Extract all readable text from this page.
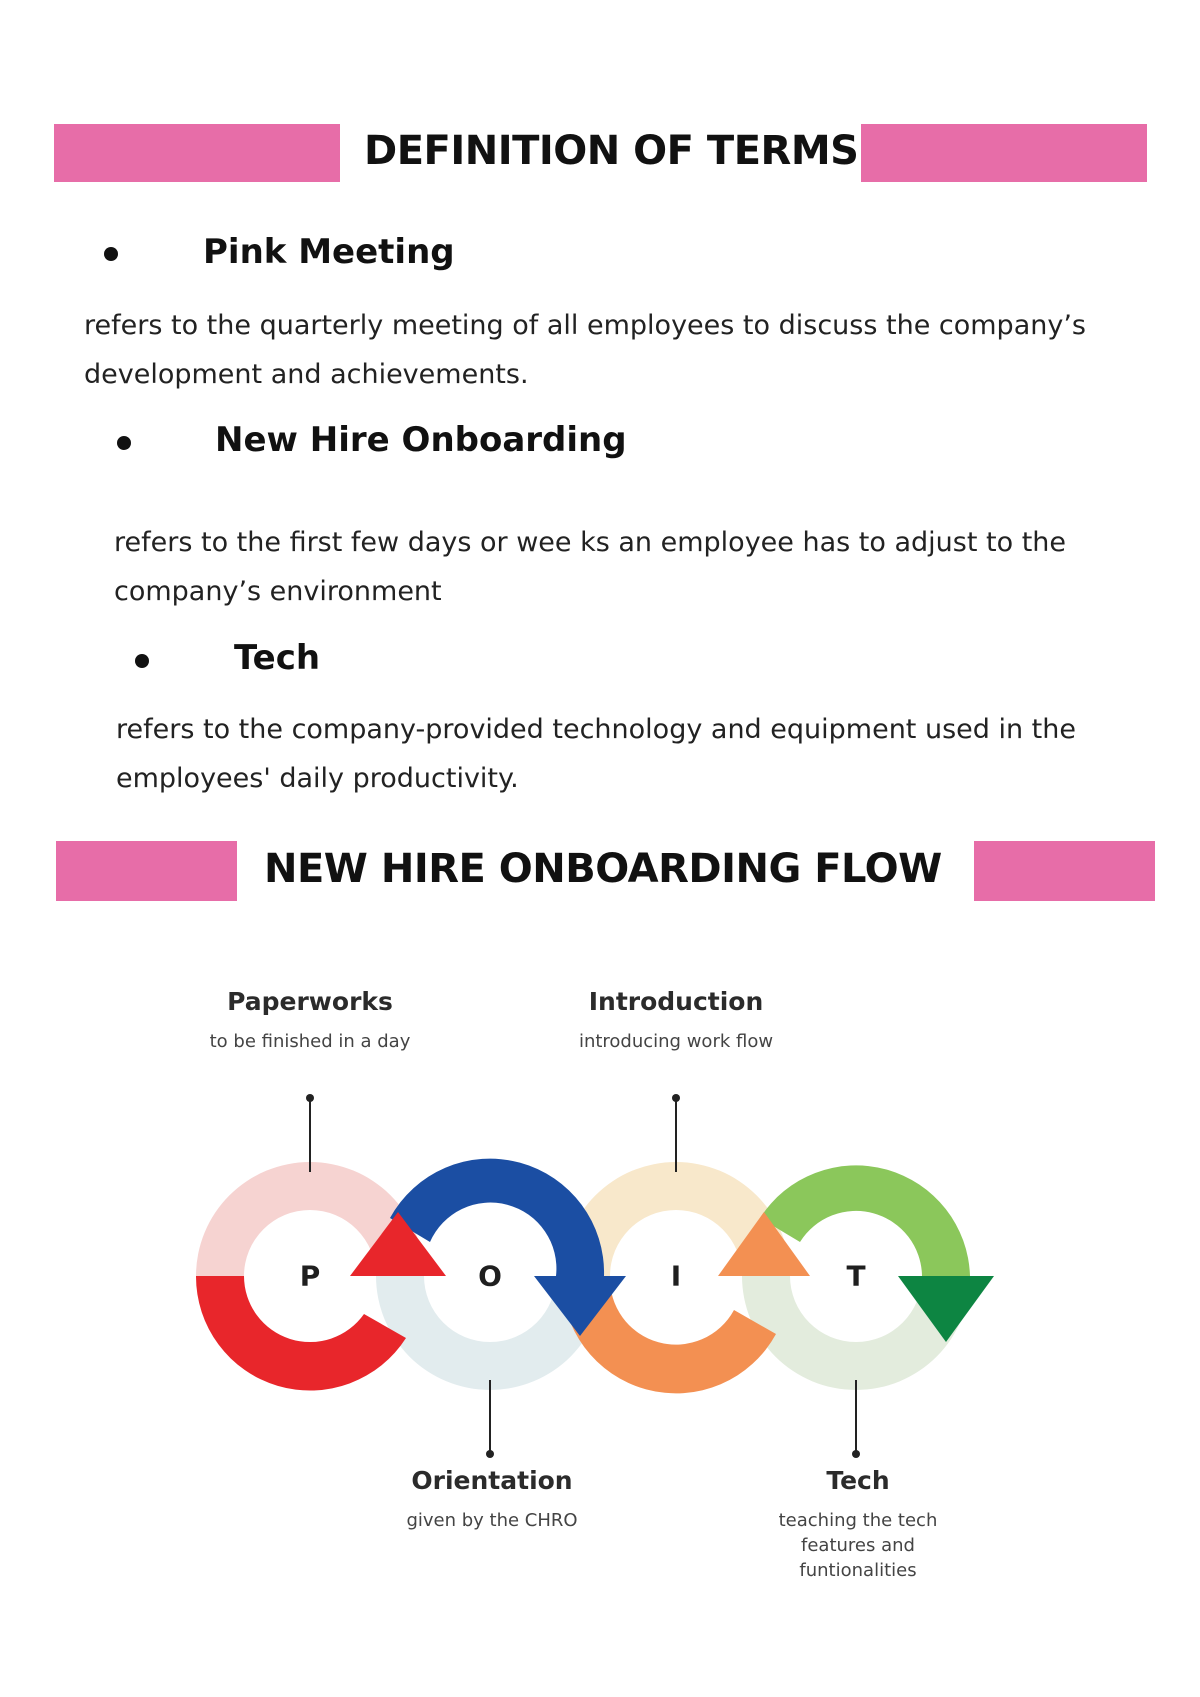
DEFINITION OF TERMS
Pink Meeting
refers to the quarterly meeting of all employees to discuss the company’s
development and achievements.
New Hire Onboarding
refers to the first few days or wee ks an employee has to adjust to the
company’s environment
Tech
refers to the company-provided technology and equipment used in the
employees' daily productivity.
NEW HIRE ONBOARDING FLOW
P	O	I	T
Paperworks
to be finished in a day
Introduction
introducing work flow
Orientation
given by the CHRO
Tech
teaching the tech
features and
funtionalities
